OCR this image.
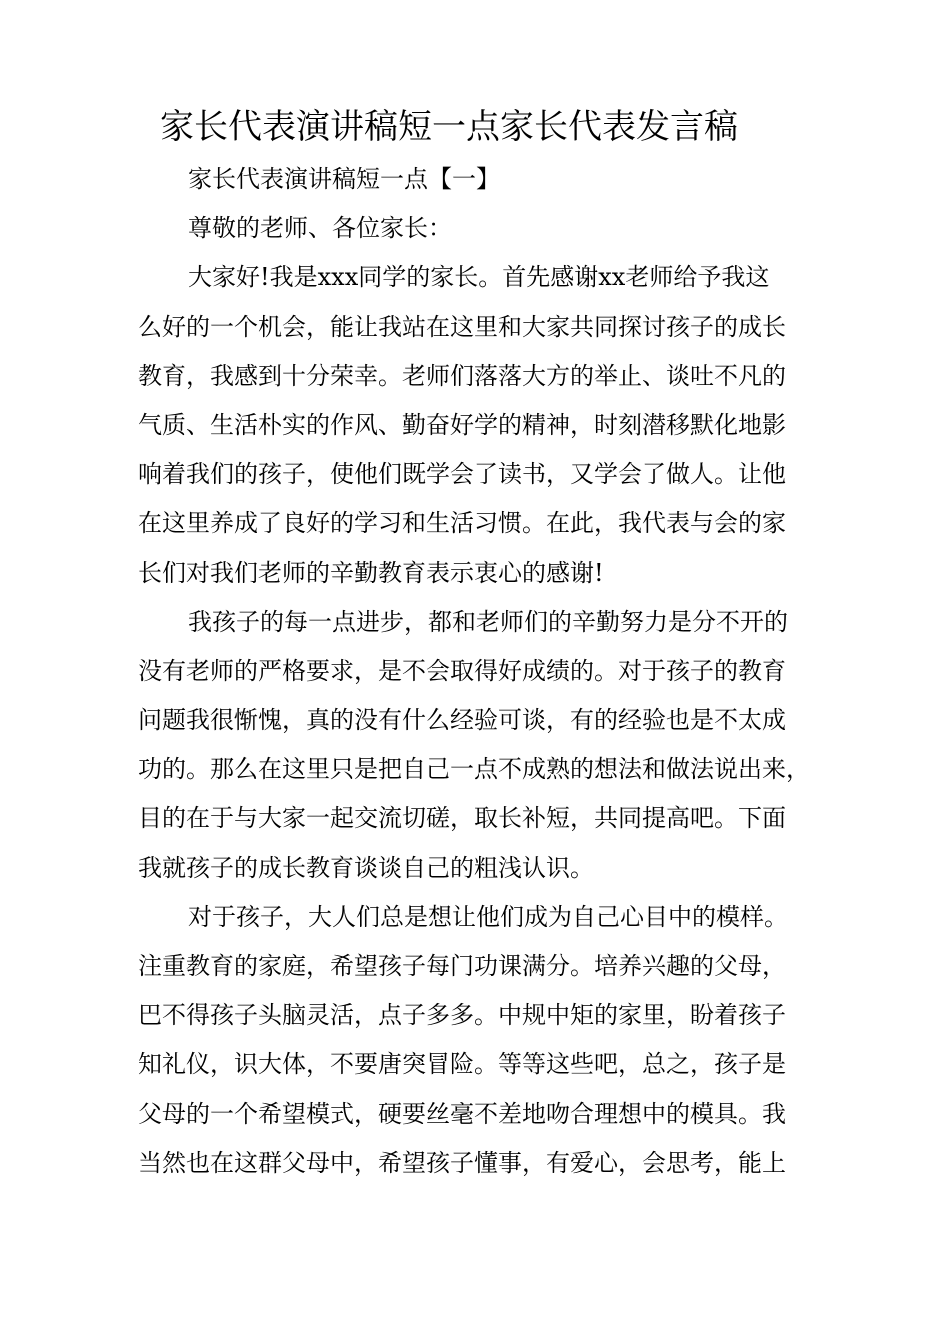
家长代表演讲稿短一点家长代表发言稿
家长代表演讲稿短一点【一】
尊敬的老师、各位家长：
大家好!我是xxx同学的家长。首先感谢xx老师给予我这
么好的一个机会，能让我站在这里和大家共同探讨孩子的成长
教育，我感到十分荣幸。老师们落落大方的举止、谈吐不凡的
气质、生活朴实的作风、勤奋好学的精神，时刻潜移默化地影
响着我们的孩子，使他们既学会了读书，又学会了做人。让他
在这里养成了良好的学习和生活习惯。在此，我代表与会的家
长们对我们老师的辛勤教育表示衷心的感谢!
我孩子的每一点进步，都和老师们的辛勤努力是分不开的
没有老师的严格要求，是不会取得好成绩的。对于孩子的教育
问题我很惭愧，真的没有什么经验可谈，有的经验也是不太成
功的。那么在这里只是把自己一点不成熟的想法和做法说出来，
目的在于与大家一起交流切磋，取长补短，共同提高吧。下面
我就孩子的成长教育谈谈自己的粗浅认识。
对于孩子，大人们总是想让他们成为自己心目中的模样。
注重教育的家庭，希望孩子每门功课满分。培养兴趣的父母，
巴不得孩子头脑灵活，点子多多。中规中矩的家里，盼着孩子
知礼仪，识大体，不要唐突冒险。等等这些吧，总之，孩子是
父母的一个希望模式，硬要丝毫不差地吻合理想中的模具。我
当然也在这群父母中，希望孩子懂事，有爱心，会思考，能上
